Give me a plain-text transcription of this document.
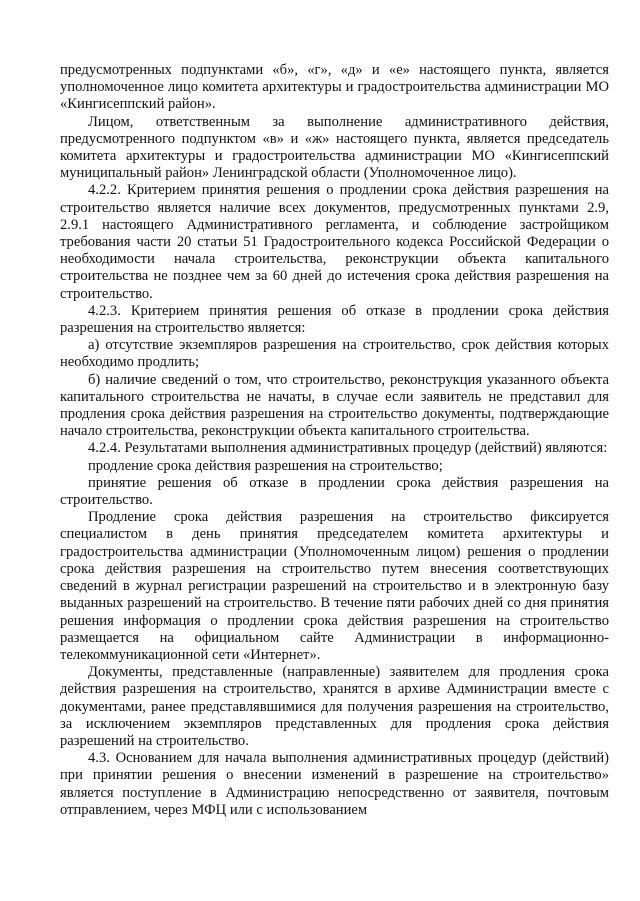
предусмотренных подпунктами «б», «г», «д» и «е» настоящего пункта, является уполномоченное лицо комитета архитектуры и градостроительства администрации МО «Кингисеппский район».

Лицом, ответственным за выполнение административного действия, предусмотренного подпунктом «в» и «ж» настоящего пункта, является председатель комитета архитектуры и градостроительства администрации МО «Кингисеппский муниципальный район» Ленинградской области (Уполномоченное лицо).

4.2.2. Критерием принятия решения о продлении срока действия разрешения на строительство является наличие всех документов, предусмотренных пунктами 2.9, 2.9.1 настоящего Административного регламента, и соблюдение застройщиком требования части 20 статьи 51 Градостроительного кодекса Российской Федерации о необходимости начала строительства, реконструкции объекта капитального строительства не позднее чем за 60 дней до истечения срока действия разрешения на строительство.

4.2.3. Критерием принятия решения об отказе в продлении срока действия разрешения на строительство является:

а) отсутствие экземпляров разрешения на строительство, срок действия которых необходимо продлить;

б) наличие сведений о том, что строительство, реконструкция указанного объекта капитального строительства не начаты, в случае если заявитель не представил для продления срока действия разрешения на строительство документы, подтверждающие начало строительства, реконструкции объекта капитального строительства.

4.2.4. Результатами выполнения административных процедур (действий) являются:

продление срока действия разрешения на строительство;

принятие решения об отказе в продлении срока действия разрешения на строительство.

Продление срока действия разрешения на строительство фиксируется специалистом в день принятия председателем комитета архитектуры и градостроительства администрации (Уполномоченным лицом) решения о продлении срока действия разрешения на строительство путем внесения соответствующих сведений в журнал регистрации разрешений на строительство и в электронную базу выданных разрешений на строительство. В течение пяти рабочих дней со дня принятия решения информация о продлении срока действия разрешения на строительство размещается на официальном сайте Администрации в информационно-телекоммуникационной сети «Интернет».

Документы, представленные (направленные) заявителем для продления срока действия разрешения на строительство, хранятся в архиве Администрации вместе с документами, ранее представлявшимися для получения разрешения на строительство, за исключением экземпляров представленных для продления срока действия разрешений на строительство.

4.3. Основанием для начала выполнения административных процедур (действий) при принятии решения о внесении изменений в разрешение на строительство» является поступление в Администрацию непосредственно от заявителя, почтовым отправлением, через МФЦ или с использованием
